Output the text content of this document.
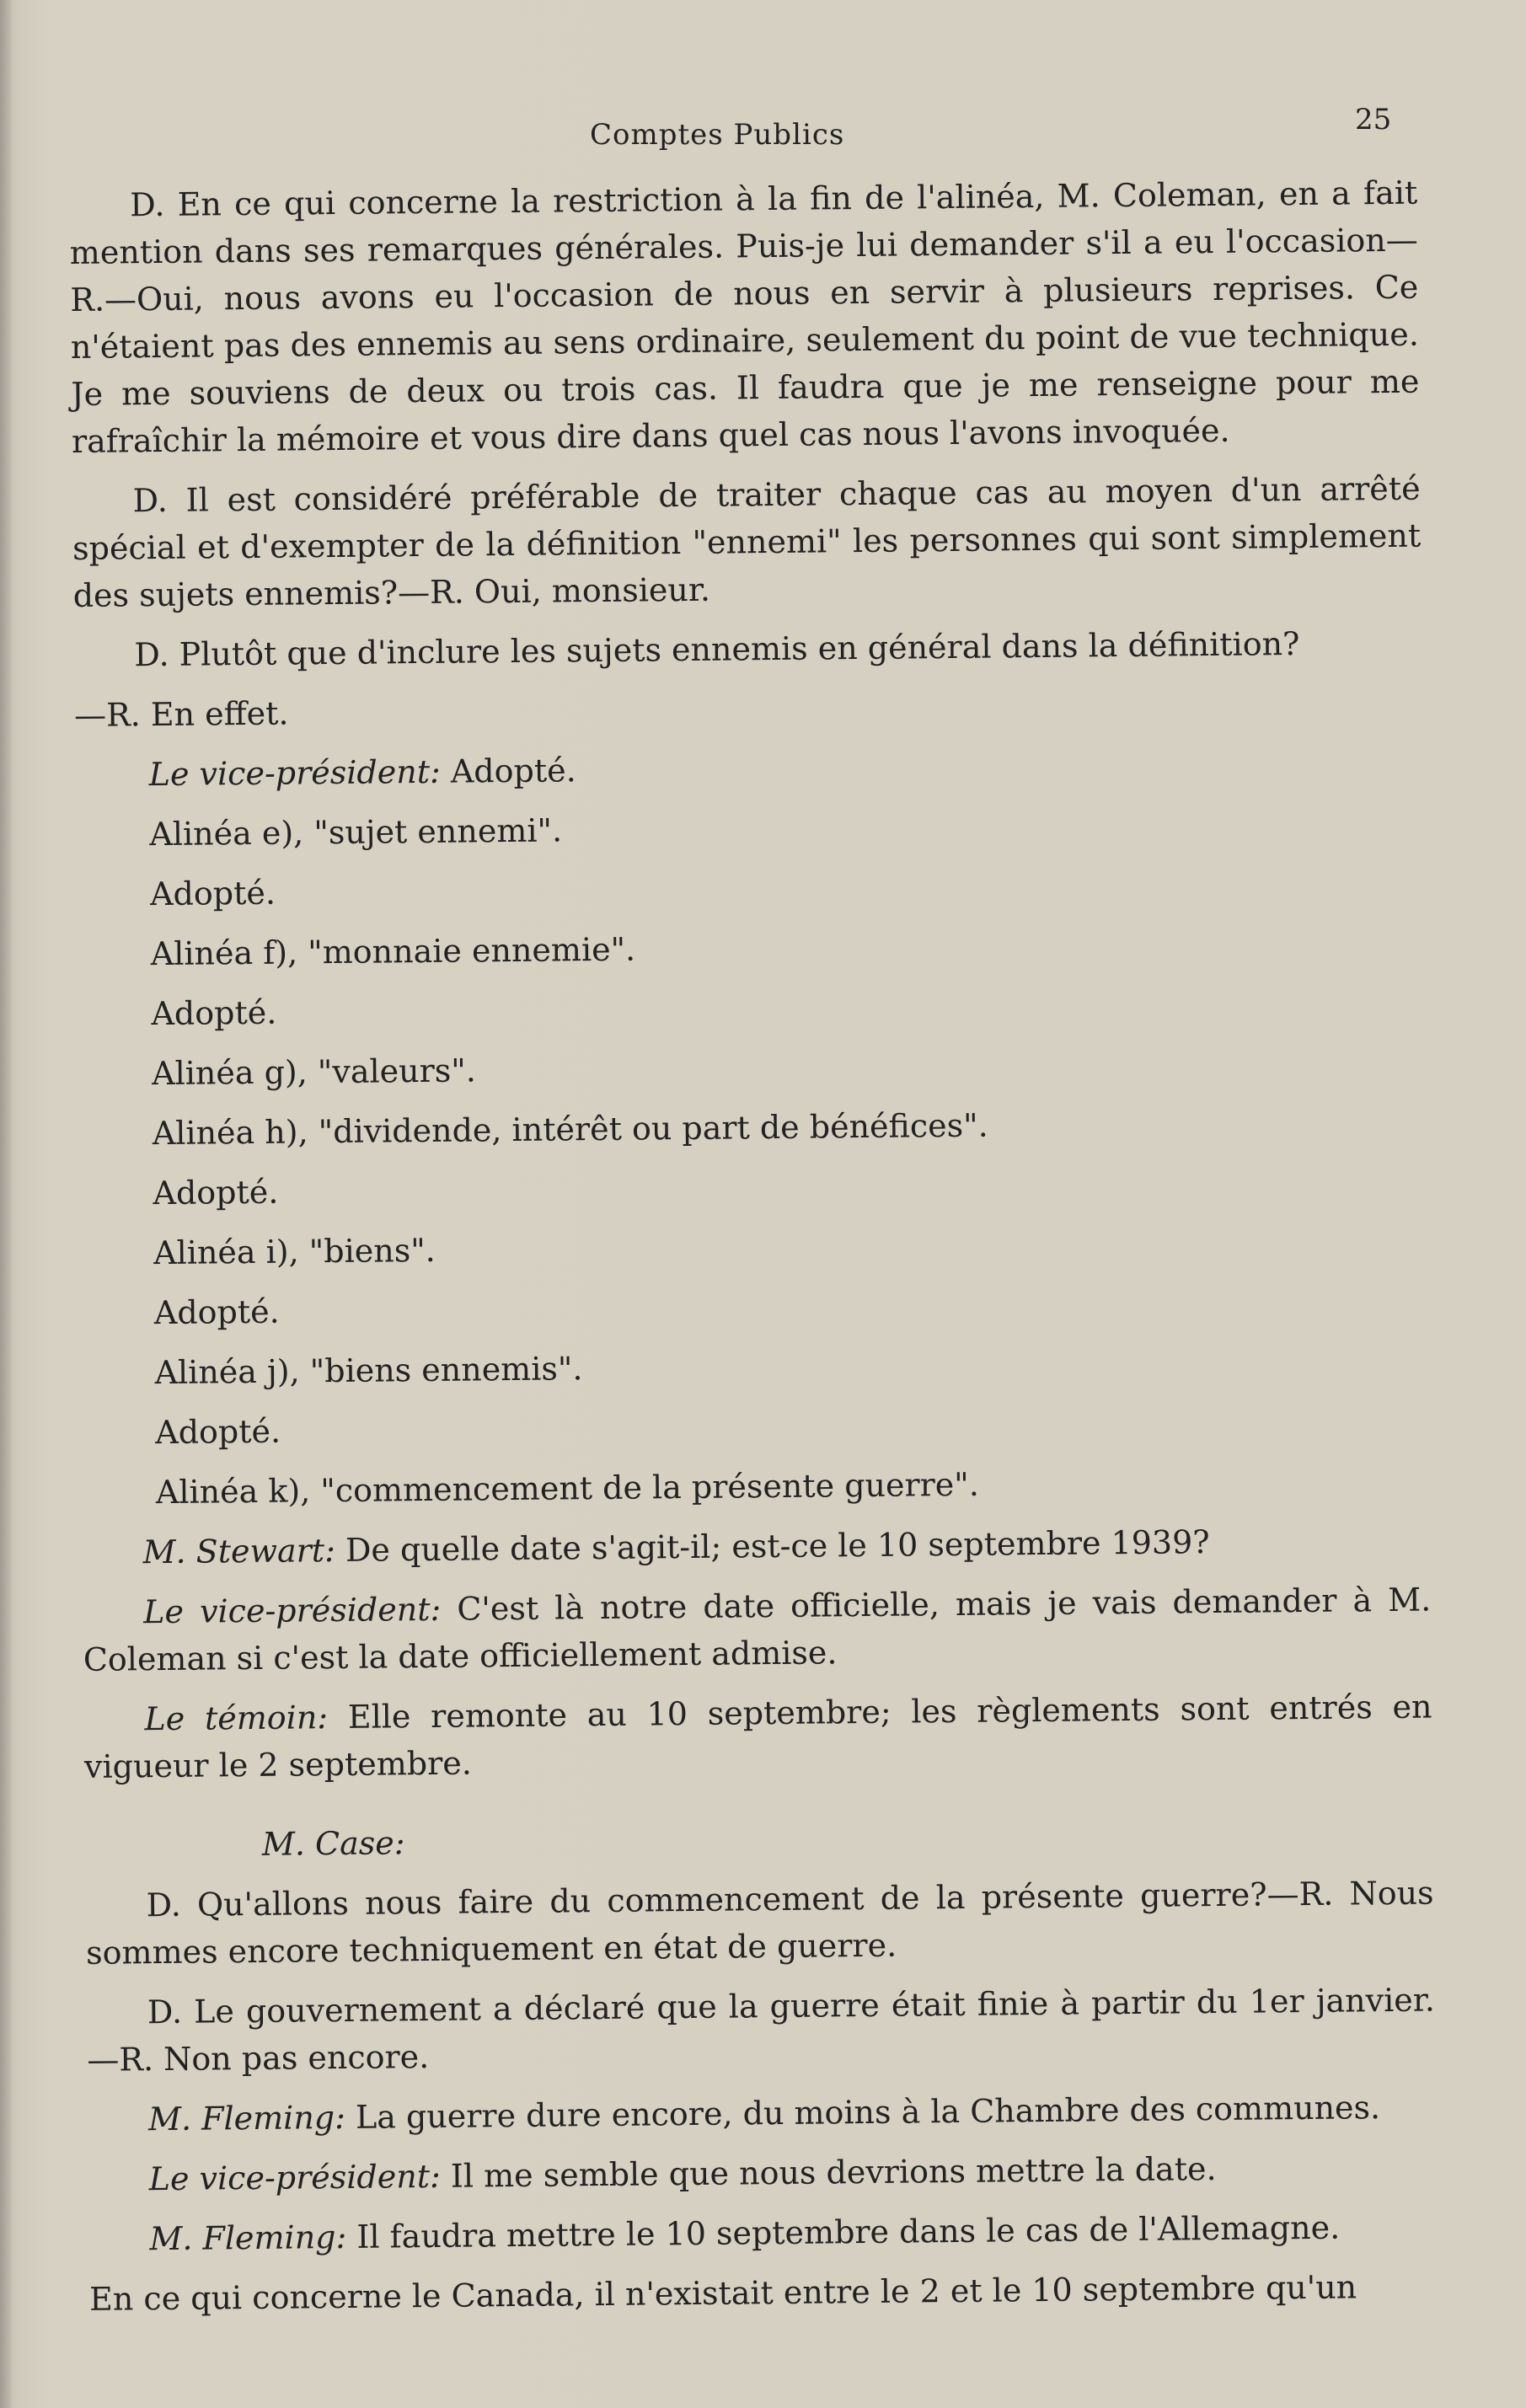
Comptes Publics	25

D. En ce qui concerne la restriction à la fin de l'alinéa, M. Coleman, en a fait mention dans ses remarques générales. Puis-je lui demander s'il a eu l'occasion—R.—Oui, nous avons eu l'occasion de nous en servir à plusieurs reprises. Ce n'étaient pas des ennemis au sens ordinaire, seulement du point de vue technique. Je me souviens de deux ou trois cas. Il faudra que je me renseigne pour me rafraîchir la mémoire et vous dire dans quel cas nous l'avons invoquée.

D. Il est considéré préférable de traiter chaque cas au moyen d'un arrêté spécial et d'exempter de la définition "ennemi" les personnes qui sont simplement des sujets ennemis?—R. Oui, monsieur.

D. Plutôt que d'inclure les sujets ennemis en général dans la définition?

—R. En effet.

Le vice-président: Adopté.

Alinéa e), "sujet ennemi".

Adopté.

Alinéa f), "monnaie ennemie".

Adopté.

Alinéa g), "valeurs".

Alinéa h), "dividende, intérêt ou part de bénéfices".

Adopté.

Alinéa i), "biens".

Adopté.

Alinéa j), "biens ennemis".

Adopté.

Alinéa k), "commencement de la présente guerre".

M. Stewart: De quelle date s'agit-il; est-ce le 10 septembre 1939?

Le vice-président: C'est là notre date officielle, mais je vais demander à M. Coleman si c'est la date officiellement admise.

Le témoin: Elle remonte au 10 septembre; les règlements sont entrés en vigueur le 2 septembre.

M. Case:

D. Qu'allons nous faire du commencement de la présente guerre?—R. Nous sommes encore techniquement en état de guerre.

D. Le gouvernement a déclaré que la guerre était finie à partir du 1er janvier.—R. Non pas encore.

M. Fleming: La guerre dure encore, du moins à la Chambre des communes.

Le vice-président: Il me semble que nous devrions mettre la date.

M. Fleming: Il faudra mettre le 10 septembre dans le cas de l'Allemagne.

En ce qui concerne le Canada, il n'existait entre le 2 et le 10 septembre qu'un
